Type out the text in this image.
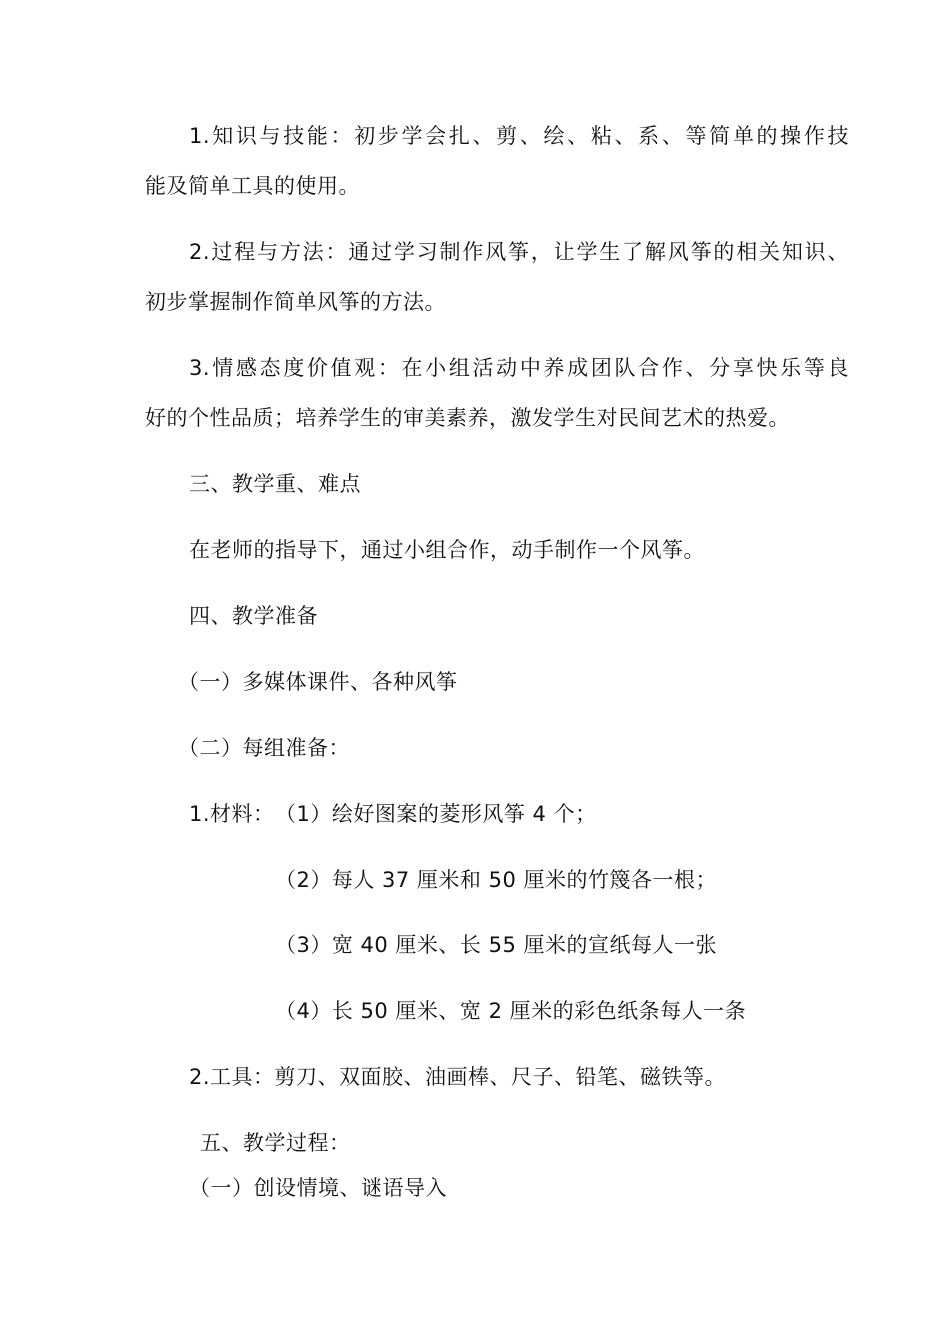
1.知识与技能：初步学会扎、剪、绘、粘、系、等简单的操作技
能及简单工具的使用。
2.过程与方法：通过学习制作风筝，让学生了解风筝的相关知识、
初步掌握制作简单风筝的方法。
3.情感态度价值观：在小组活动中养成团队合作、分享快乐等良
好的个性品质；培养学生的审美素养，激发学生对民间艺术的热爱。
三、教学重、难点
在老师的指导下，通过小组合作，动手制作一个风筝。
四、教学准备
（一）多媒体课件、各种风筝
（二）每组准备：
1.材料： （1）绘好图案的菱形风筝 4 个；
（2）每人 37 厘米和 50 厘米的竹篾各一根；
（3）宽 40 厘米、长 55 厘米的宣纸每人一张
（4）长 50 厘米、宽 2 厘米的彩色纸条每人一条
2.工具：剪刀、双面胶、油画棒、尺子、铅笔、磁铁等。
五、教学过程：
（一）创设情境、谜语导入
